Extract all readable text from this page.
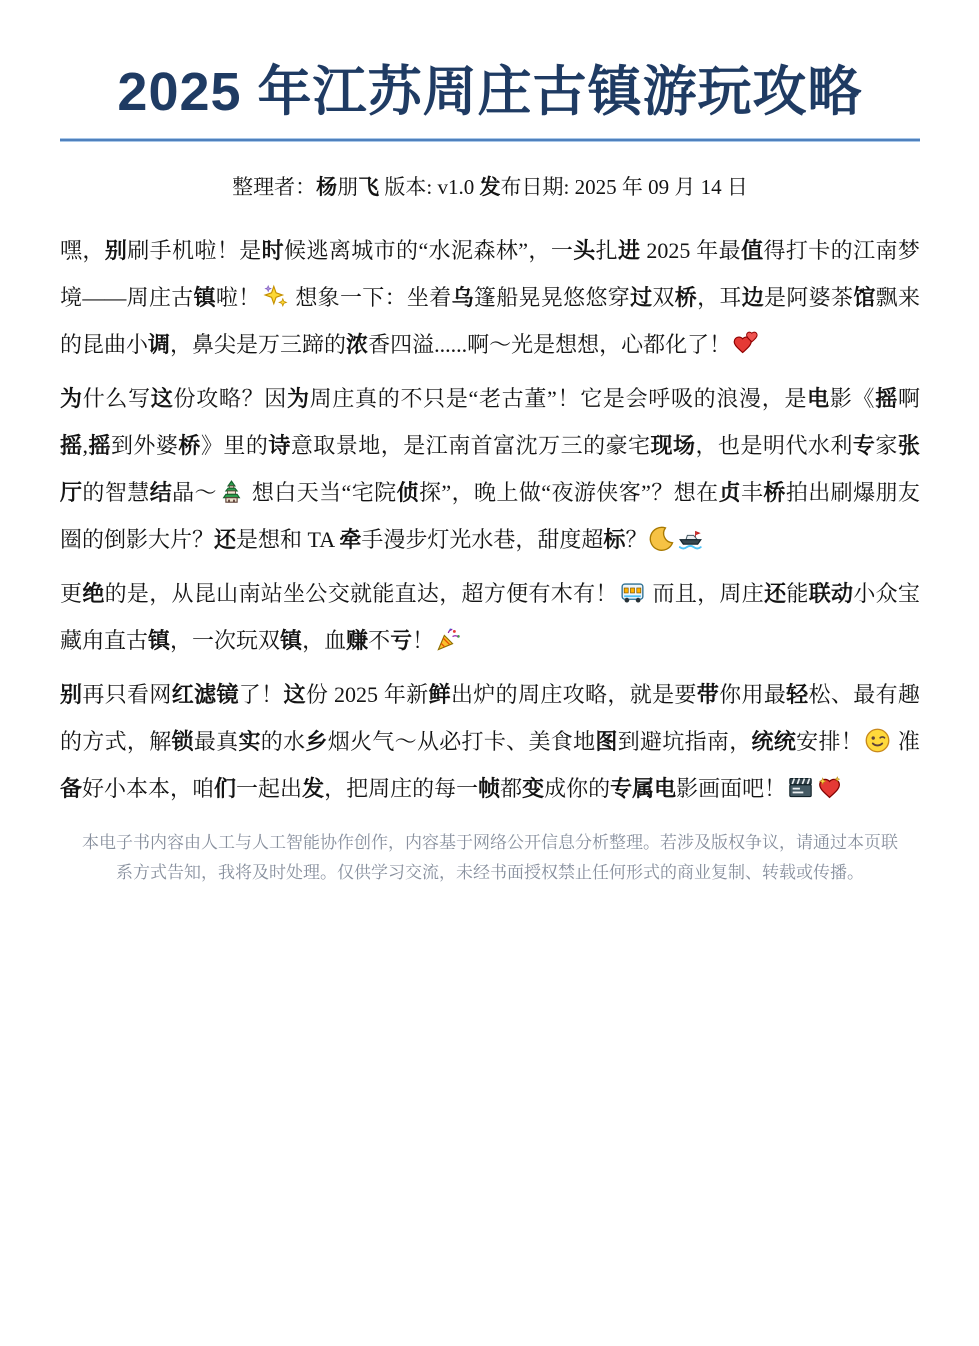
2025 年江苏周庄古镇游玩攻略
整理者：杨朋飞 版本: v1.0 发布日期: 2025 年 09 月 14 日

嘿，别刷手机啦！是时候逃离城市的“水泥森林”，一头扎进 2025 年最值得打卡的江南梦境——周庄古镇啦！
想象一下：坐着乌篷船晃晃悠悠穿过双桥，耳边是阿婆茶馆飘来的昆曲小调，鼻尖是万三蹄的浓香四溢......啊～光是想想，心都化了！

为什么写这份攻略？因为周庄真的不只是“老古董”！它是会呼吸的浪漫，是电影《摇啊摇,摇到外婆桥》里的诗意取景地，是江南首富沈万三的豪宅现场，也是明代水利专家张厅的智慧结晶～
想白天当“宅院侦探”，晚上做“夜游侠客”？想在贞丰桥拍出刷爆朋友圈的倒影大片？还是想和 TA 牵手漫步灯光水巷，甜度超标？

更绝的是，从昆山南站坐公交就能直达，超方便有木有！
而且，周庄还能联动小众宝藏甪直古镇，一次玩双镇，血赚不亏！

别再只看网红滤镜了！这份 2025 年新鲜出炉的周庄攻略，就是要带你用最轻松、最有趣的方式，解锁最真实的水乡烟火气～从必打卡、美食地图到避坑指南，统统安排！
准备好小本本，咱们一起出发，把周庄的每一帧都变成你的专属电影画面吧！

本电子书内容由人工与人工智能协作创作，内容基于网络公开信息分析整理。若涉及版权争议，请通过本页联
系方式告知，我将及时处理。仅供学习交流，未经书面授权禁止任何形式的商业复制、转载或传播。
